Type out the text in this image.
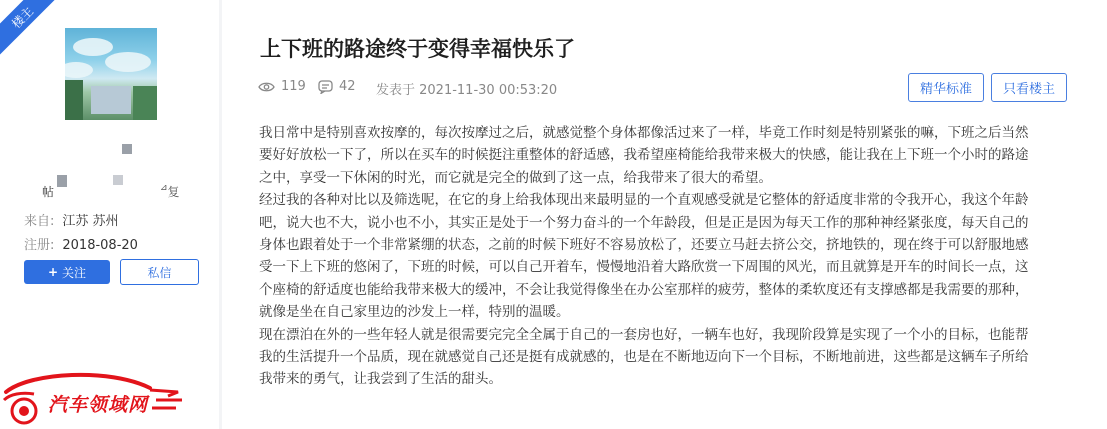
楼主
帖	⊿复
来自: 江苏 苏州
注册: 2018-08-20
+ 关注	私信
汽车领域网
上下班的路途终于变得幸福快乐了
119	42 发表于 2021-11-30 00:53:20	精华标准 只看楼主

我日常中是特别喜欢按摩的，每次按摩过之后，就感觉整个身体都像活过来了一样，毕竟工作时刻是特别紧张的嘛，下班之后当然要好好放松一下了，所以在买车的时候挺注重整体的舒适感，我希望座椅能给我带来极大的快感，能让我在上下班一个小时的路途之中，享受一下休闲的时光，而它就是完全的做到了这一点，给我带来了很大的希望。

经过我的各种对比以及筛选呢，在它的身上给我体现出来最明显的一个直观感受就是它整体的舒适度非常的令我开心，我这个年龄吧，说大也不大，说小也不小，其实正是处于一个努力奋斗的一个年龄段，但是正是因为每天工作的那种神经紧张度，每天自己的身体也跟着处于一个非常紧绷的状态，之前的时候下班好不容易放松了，还要立马赶去挤公交，挤地铁的，现在终于可以舒服地感受一下上下班的悠闲了，下班的时候，可以自己开着车，慢慢地沿着大路欣赏一下周围的风光，而且就算是开车的时间长一点，这个座椅的舒适度也能给我带来极大的缓冲，不会让我觉得像坐在办公室那样的疲劳，整体的柔软度还有支撑感都是我需要的那种，就像是坐在自己家里边的沙发上一样，特别的温暖。

现在漂泊在外的一些年轻人就是很需要完完全全属于自己的一套房也好，一辆车也好，我现阶段算是实现了一个小的目标，也能帮我的生活提升一个品质，现在就感觉自己还是挺有成就感的，也是在不断地迈向下一个目标，不断地前进，这些都是这辆车子所给我带来的勇气，让我尝到了生活的甜头。
